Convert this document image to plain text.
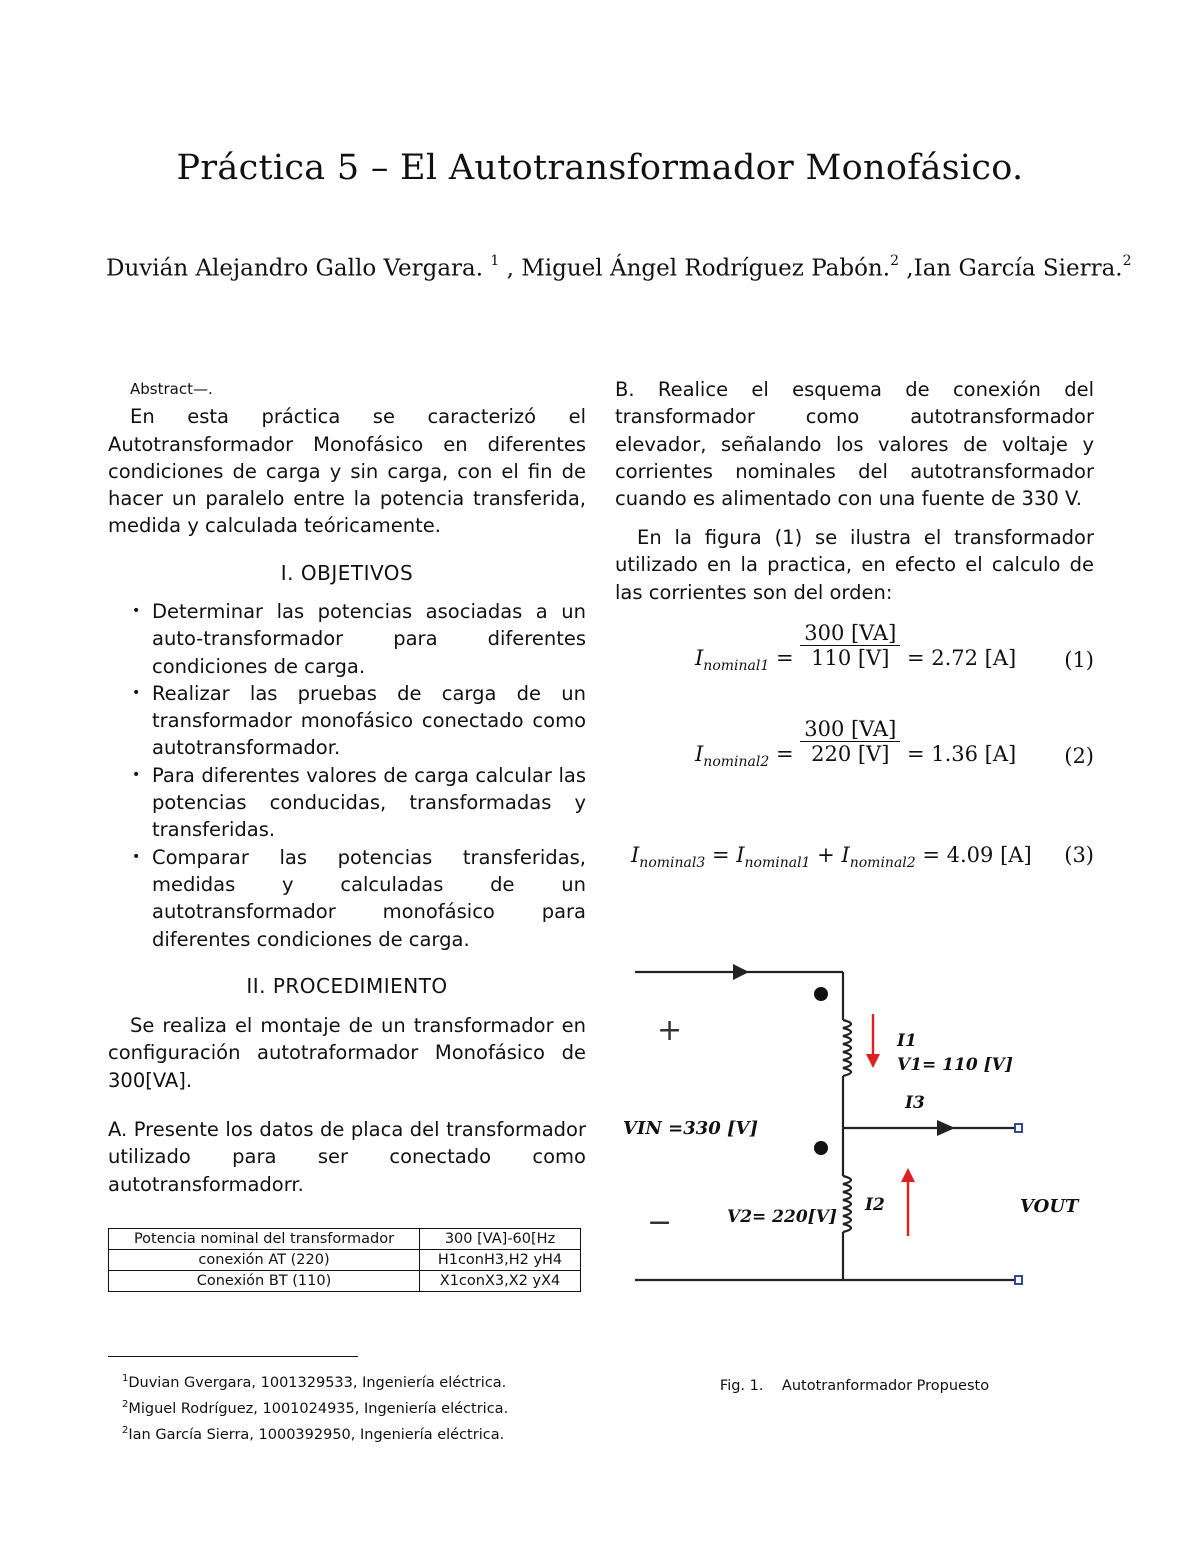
Práctica 5 – El Autotransformador Monofásico.
Duvián Alejandro Gallo Vergara. $^1$ , Miguel Ángel Rodríguez Pabón.$^2$ ,Ian García Sierra.$^2$
Abstract—.
En esta práctica se caracterizó el Autotransformador Monofásico en diferentes condiciones de carga y sin carga, con el fin de hacer un paralelo entre la potencia transferida, medida y calculada teóricamente.
I. OBJETIVOS
• Determinar las potencias asociadas a un auto-transformador para diferentes condiciones de carga.
• Realizar las pruebas de carga de un transformador monofásico conectado como autotransformador.
• Para diferentes valores de carga calcular las potencias conducidas, transformadas y transferidas.
• Comparar las potencias transferidas, medidas y calculadas de un autotransformador monofásico para diferentes condiciones de carga.
II. PROCEDIMIENTO
Se realiza el montaje de un transformador en configuración autotraformador Monofásico de 300[VA].
A. Presente los datos de placa del transformador utilizado para ser conectado como autotransformadorr.
Potencia nominal del transformador	300 [VA]-60[Hz
conexión AT (220)	H1conH3,H2 yH4
Conexión BT (110)	X1conX3,X2 yX4
$^1$Duvian Gvergara, 1001329533, Ingeniería eléctrica.
$^2$Miguel Rodríguez, 1001024935, Ingeniería eléctrica.
$^2$Ian García Sierra, 1000392950, Ingeniería eléctrica.
B. Realice el esquema de conexión del transformador como autotransformador elevador, señalando los valores de voltaje y corrientes nominales del autotransformador cuando es alimentado con una fuente de 330 V.
En la figura (1) se ilustra el transformador utilizado en la practica, en efecto el calculo de las corrientes son del orden:
$I_{nominal1} = \frac{300 [VA]}{110 [V]} = 2.72$ [A] (1)
$I_{nominal2} = \frac{300 [VA]}{220 [V]} = 1.36$ [A] (2)
$I_{nominal3} = I_{nominal1} + I_{nominal2} = 4.09$ [A] (3)
+
−
VIN =330 [V]
I1
V1= 110 [V]
I3
V2= 220[V]
I2	VOUT
Fig. 1.    Autotranformador Propuesto
